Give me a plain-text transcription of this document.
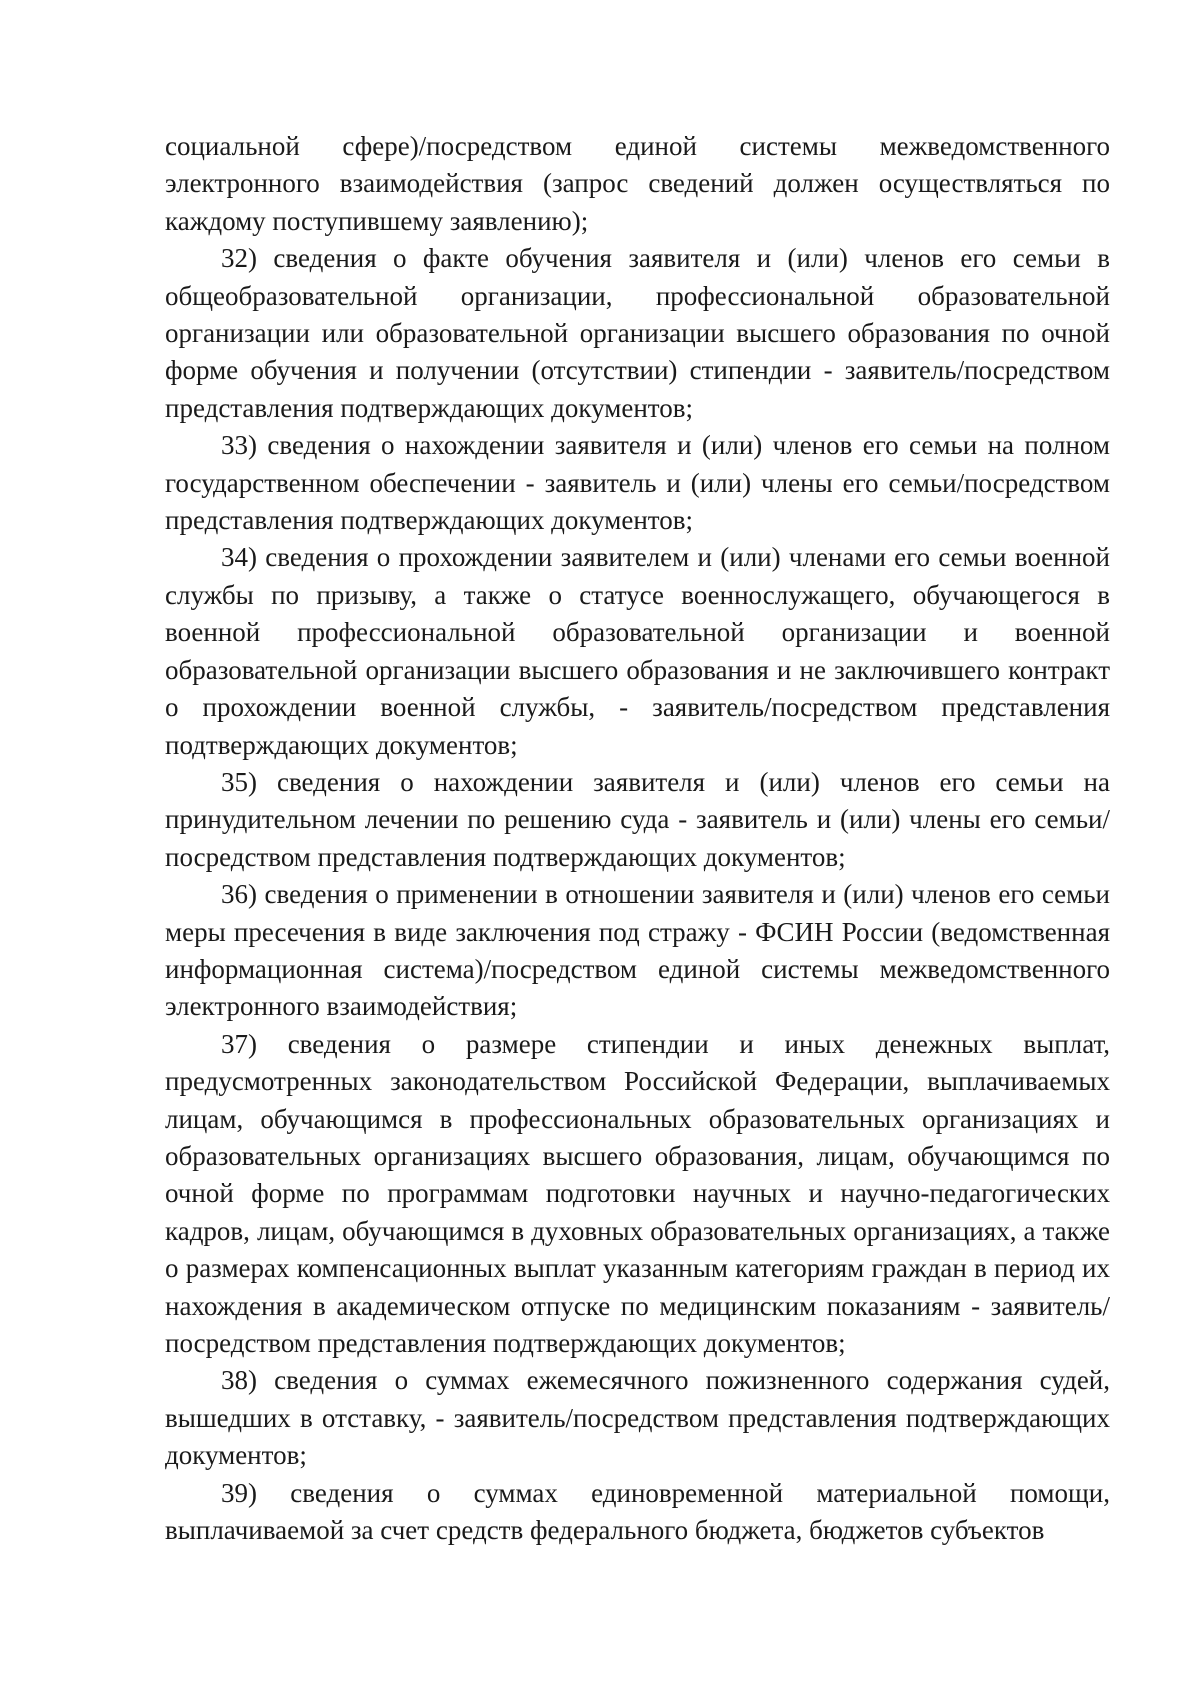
социальной сфере)/посредством единой системы межведомственного электронного взаимодействия (запрос сведений должен осуществляться по каждому поступившему заявлению);

32) сведения о факте обучения заявителя и (или) членов его семьи в общеобразовательной организации, профессиональной образовательной организации или образовательной организации высшего образования по очной форме обучения и получении (отсутствии) стипендии - заявитель/посредством представления подтверждающих документов;

33) сведения о нахождении заявителя и (или) членов его семьи на полном государственном обеспечении - заявитель и (или) члены его семьи/посредством представления подтверждающих документов;

34) сведения о прохождении заявителем и (или) членами его семьи военной службы по призыву, а также о статусе военнослужащего, обучающегося в военной профессиональной образовательной организации и военной образовательной организации высшего образования и не заключившего контракт о прохождении военной службы, - заявитель/посредством представления подтверждающих документов;

35) сведения о нахождении заявителя и (или) членов его семьи на принудительном лечении по решению суда - заявитель и (или) члены его семьи/посредством представления подтверждающих документов;

36) сведения о применении в отношении заявителя и (или) членов его семьи меры пресечения в виде заключения под стражу - ФСИН России (ведомственная информационная система)/посредством единой системы межведомственного электронного взаимодействия;

37) сведения о размере стипендии и иных денежных выплат, предусмотренных законодательством Российской Федерации, выплачиваемых лицам, обучающимся в профессиональных образовательных организациях и образовательных организациях высшего образования, лицам, обучающимся по очной форме по программам подготовки научных и научно-педагогических кадров, лицам, обучающимся в духовных образовательных организациях, а также о размерах компенсационных выплат указанным категориям граждан в период их нахождения в академическом отпуске по медицинским показаниям - заявитель/посредством представления подтверждающих документов;

38) сведения о суммах ежемесячного пожизненного содержания судей, вышедших в отставку, - заявитель/посредством представления подтверждающих документов;

39) сведения о суммах единовременной материальной помощи, выплачиваемой за счет средств федерального бюджета, бюджетов субъектов
